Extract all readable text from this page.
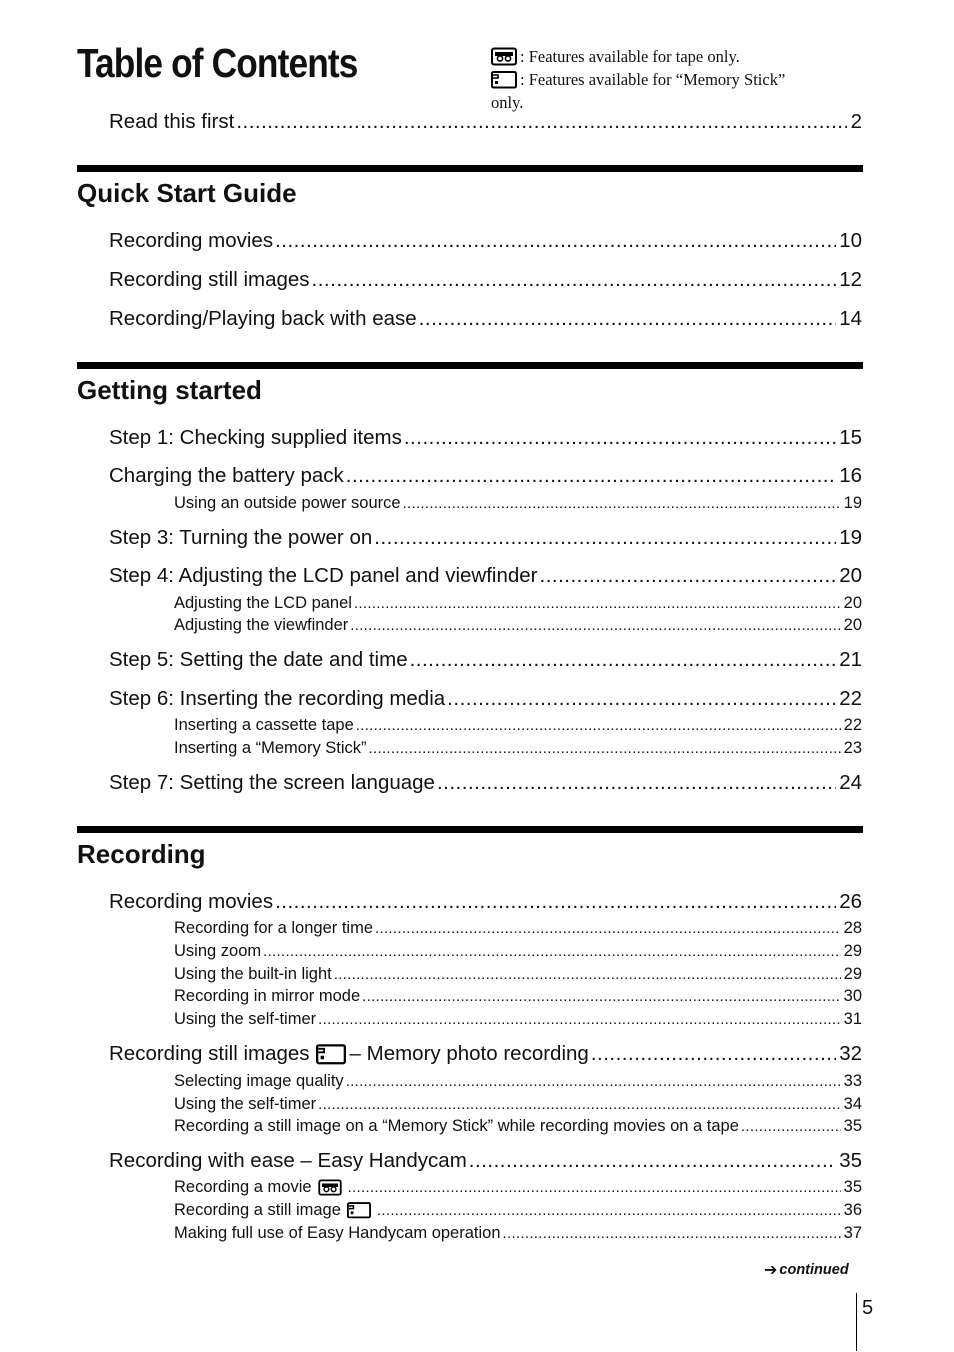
Table of Contents	: Features available for tape only.
: Features available for “Memory Stick”
only.
Read this first .....	2
Quick Start Guide
Recording movies .....	10
Recording still images .....	12
Recording/Playing back with ease .....	14
Getting started
Step 1: Checking supplied items .....	15
Charging the battery pack .....	16
Using an outside power source .....	19
Step 3: Turning the power on .....	19
Step 4: Adjusting the LCD panel and viewfinder .....	20
Adjusting the LCD panel .....	20
Adjusting the viewfinder .....	20
Step 5: Setting the date and time .....	21
Step 6: Inserting the recording media .....	22
Inserting a cassette tape .....	22
Inserting a “Memory Stick” .....	23
Step 7: Setting the screen language .....	24
Recording
Recording movies .....	26
Recording for a longer time .....	28
Using zoom .....	29
Using the built-in light .....	29
Recording in mirror mode .....	30
Using the self-timer .....	31
Recording still images – Memory photo recording .....	32
Selecting image quality .....	33
Using the self-timer .....	34
Recording a still image on a “Memory Stick” while recording movies on a tape .....	35
Recording with ease – Easy Handycam .....	35
Recording a movie .....	35
Recording a still image .....	36
Making full use of Easy Handycam operation .....	37
➔ continued
5
